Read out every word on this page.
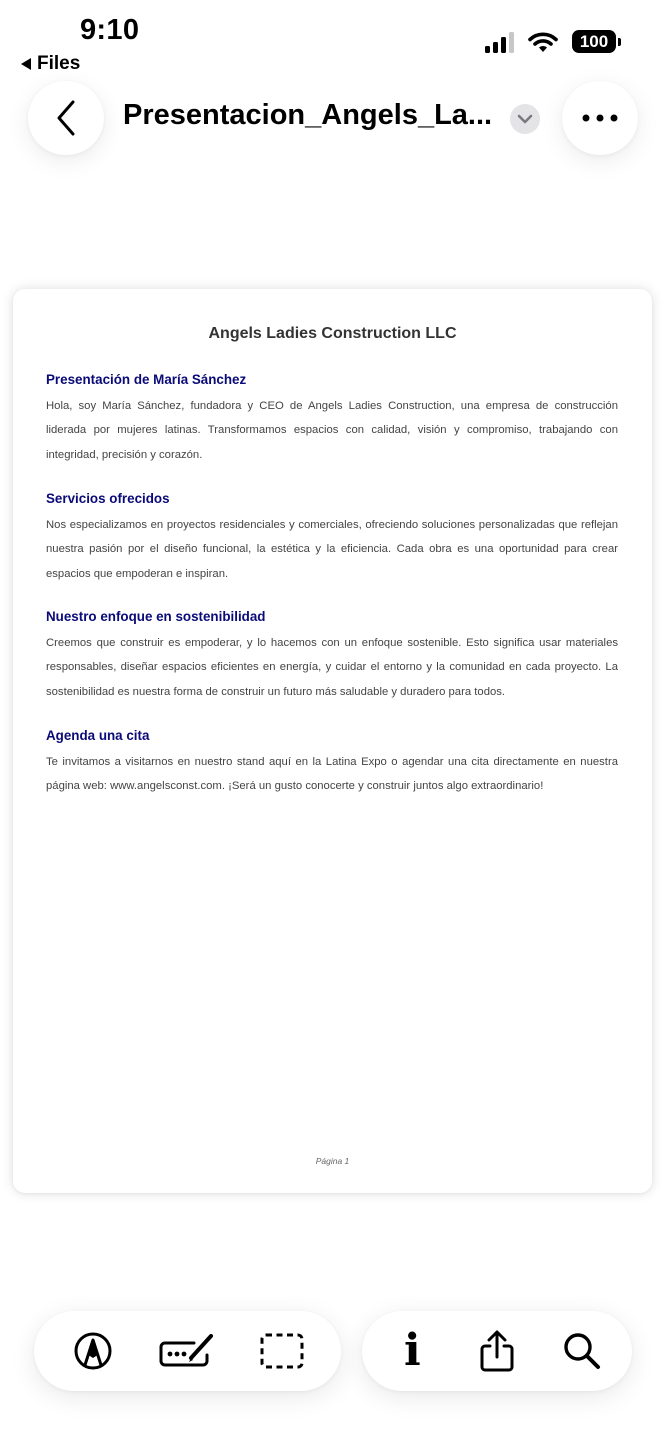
9:10
Files
100
Presentacion_Angels_La...
Angels Ladies Construction LLC
Presentación de María Sánchez

Hola, soy María Sánchez, fundadora y CEO de Angels Ladies Construction, una empresa de construcción liderada por mujeres latinas. Transformamos espacios con calidad, visión y compromiso, trabajando con integridad, precisión y corazón.

Servicios ofrecidos

Nos especializamos en proyectos residenciales y comerciales, ofreciendo soluciones personalizadas que reflejan nuestra pasión por el diseño funcional, la estética y la eficiencia. Cada obra es una oportunidad para crear espacios que empoderan e inspiran.

Nuestro enfoque en sostenibilidad

Creemos que construir es empoderar, y lo hacemos con un enfoque sostenible. Esto significa usar materiales responsables, diseñar espacios eficientes en energía, y cuidar el entorno y la comunidad en cada proyecto. La sostenibilidad es nuestra forma de construir un futuro más saludable y duradero para todos.

Agenda una cita

Te invitamos a visitarnos en nuestro stand aquí en la Latina Expo o agendar una cita directamente en nuestra página web: www.angelsconst.com. ¡Será un gusto conocerte y construir juntos algo extraordinario!

Página 1
i
